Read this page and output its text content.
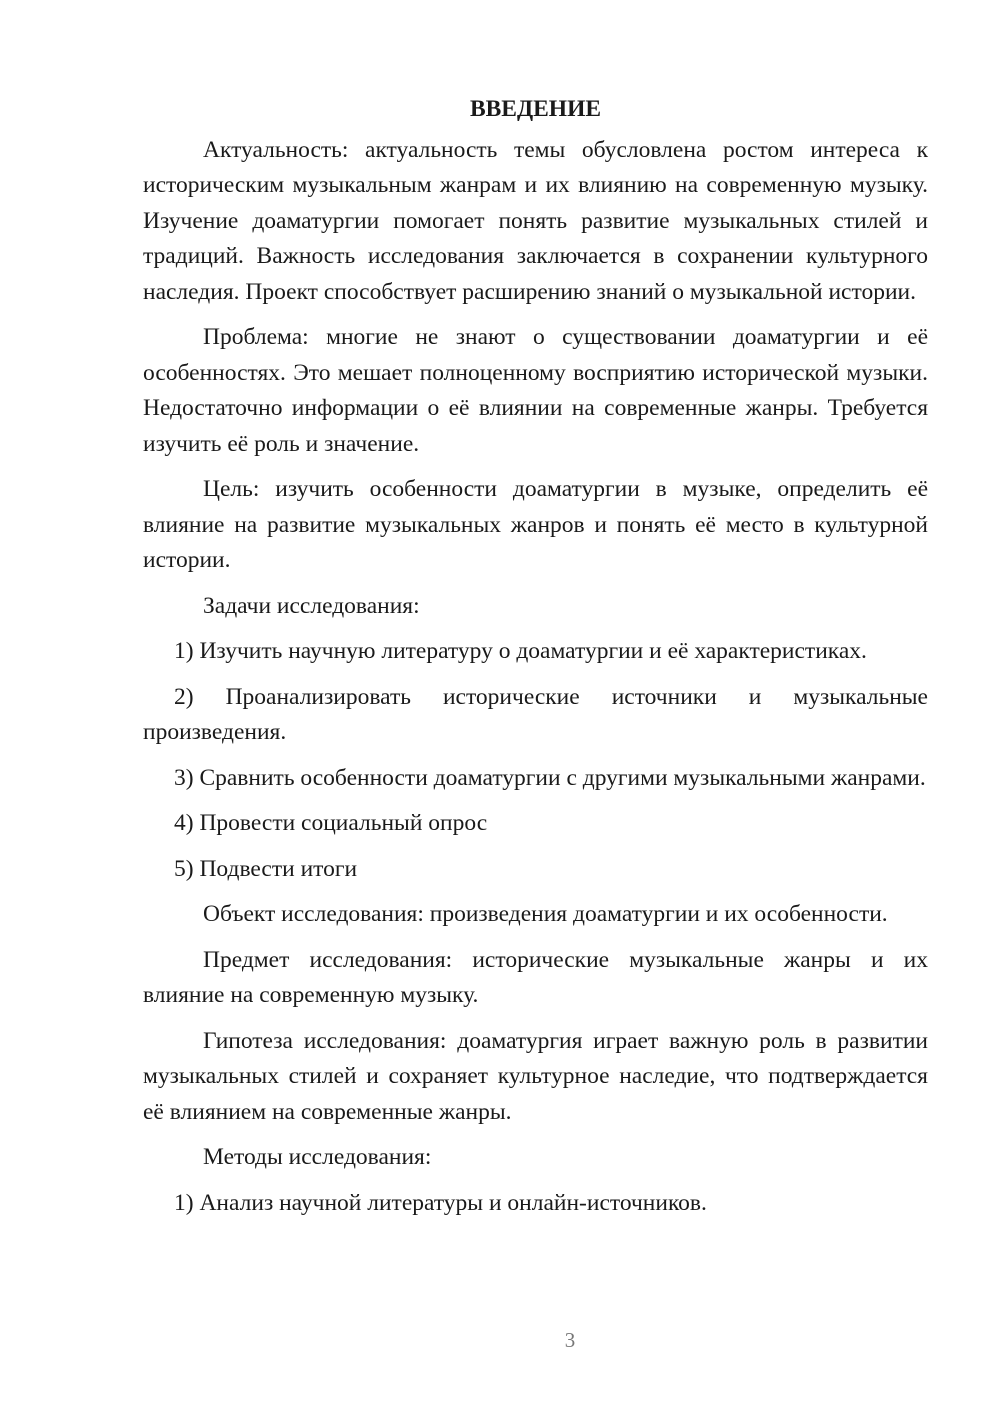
ВВЕДЕНИЕ

Актуальность: актуальность темы обусловлена ростом интереса к историческим музыкальным жанрам и их влиянию на современную музыку. Изучение доаматургии помогает понять развитие музыкальных стилей и традиций. Важность исследования заключается в сохранении культурного наследия. Проект способствует расширению знаний о музыкальной истории.

Проблема: многие не знают о существовании доаматургии и её особенностях. Это мешает полноценному восприятию исторической музыки. Недостаточно информации о её влиянии на современные жанры. Требуется изучить её роль и значение.

Цель: изучить особенности доаматургии в музыке, определить её влияние на развитие музыкальных жанров и понять её место в культурной истории.

Задачи исследования:

1) Изучить научную литературу о доаматургии и её характеристиках.

2) Проанализировать исторические источники и музыкальные произведения.

3) Сравнить особенности доаматургии с другими музыкальными жанрами.

4) Провести социальный опрос

5) Подвести итоги

Объект исследования: произведения доаматургии и их особенности.

Предмет исследования: исторические музыкальные жанры и их влияние на современную музыку.

Гипотеза исследования: доаматургия играет важную роль в развитии музыкальных стилей и сохраняет культурное наследие, что подтверждается её влиянием на современные жанры.

Методы исследования:

1) Анализ научной литературы и онлайн-источников.

3
